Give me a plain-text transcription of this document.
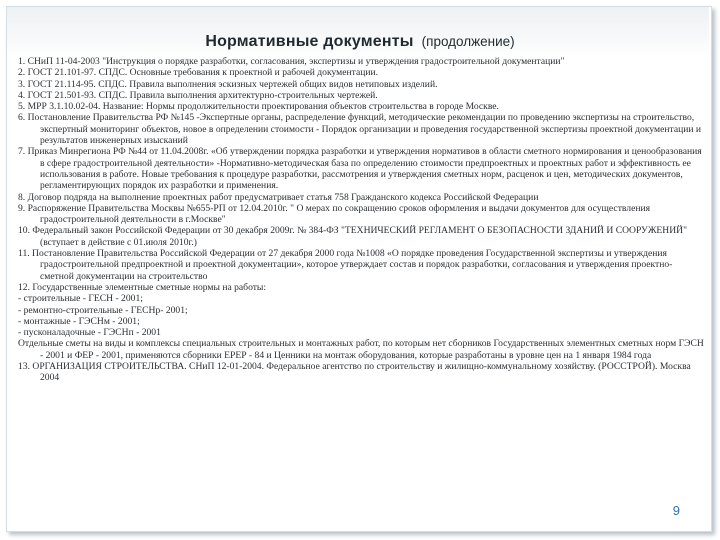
Нормативные документы (продолжение)

1. СНиП 11-04-2003 "Инструкция о порядке разработки, согласования, экспертизы и утверждения градостроительной документации"

2. ГОСТ 21.101-97. СПДС. Основные требования к проектной и рабочей документации.

3. ГОСТ 21.114-95. СПДС. Правила выполнения эскизных чертежей общих видов нетиповых изделий.

4. ГОСТ 21.501-93. СПДС. Правила выполнения архитектурно-строительных чертежей.

5. МРР 3.1.10.02-04. Название: Нормы продолжительности проектирования объектов строительства в городе Москве.

6. Постановление Правительства РФ №145 -Экспертные органы, распределение функций, методические рекомендации по проведению экспертизы на строительство, экспертный мониторинг объектов, новое в определении стоимости - Порядок организации и проведения государственной экспертизы проектной документации и результатов инженерных изысканий

7. Приказ Минрегиона РФ №44 от 11.04.2008г. «Об утверждении порядка разработки и утверждения нормативов в области сметного нормирования и ценообразования в сфере градостроительной деятельности» -Нормативно-методическая база по определению стоимости предпроектных и проектных работ и эффективность ее использования в работе. Новые требования к процедуре разработки, рассмотрения и утверждения сметных норм, расценок и цен, методических документов, регламентирующих порядок их разработки и применения.

8. Договор подряда на выполнение проектных работ предусматривает статья 758 Гражданского кодекса Российской Федерации

9. Распоряжение Правительства Москвы №655-РП от 12.04.2010г. " О мерах по сокращению сроков оформления и выдачи документов для осуществления градостроительной деятельности в г.Москве"

10. Федеральный закон Российской Федерации от 30 декабря 2009г. № 384-ФЗ "ТЕХНИЧЕСКИЙ РЕГЛАМЕНТ О БЕЗОПАСНОСТИ ЗДАНИЙ И СООРУЖЕНИЙ" (вступает в действие с 01.июля 2010г.)

11. Постановление Правительства Российской Федерации от 27 декабря 2000 года №1008 «О порядке проведения Государственной экспертизы и утверждения градостроительной предпроектной и проектной документации», которое утверждает состав и порядок разработки, согласования и утверждения проектно-сметной документации на строительство

12. Государственные элементные сметные нормы на работы:

- строительные - ГЕСН - 2001;

- ремонтно-строительные - ГЕСНр- 2001;

- монтажные - ГЭСНм - 2001;

- пусконаладочные - ГЭСНп - 2001

Отдельные сметы на виды и комплексы специальных строительных и монтажных работ, по которым нет сборников Государственных элементных сметных норм ГЭСН - 2001 и ФЕР - 2001, применяются сборники ЕРЕР - 84 и Ценники на монтаж оборудования, которые разработаны в уровне цен на 1 января 1984 года

13. ОРГАНИЗАЦИЯ СТРОИТЕЛЬСТВА. СНиП 12-01-2004. Федеральное агентство по строительству и жилищно-коммунальному хозяйству. (РОССТРОЙ). Москва 2004

9
